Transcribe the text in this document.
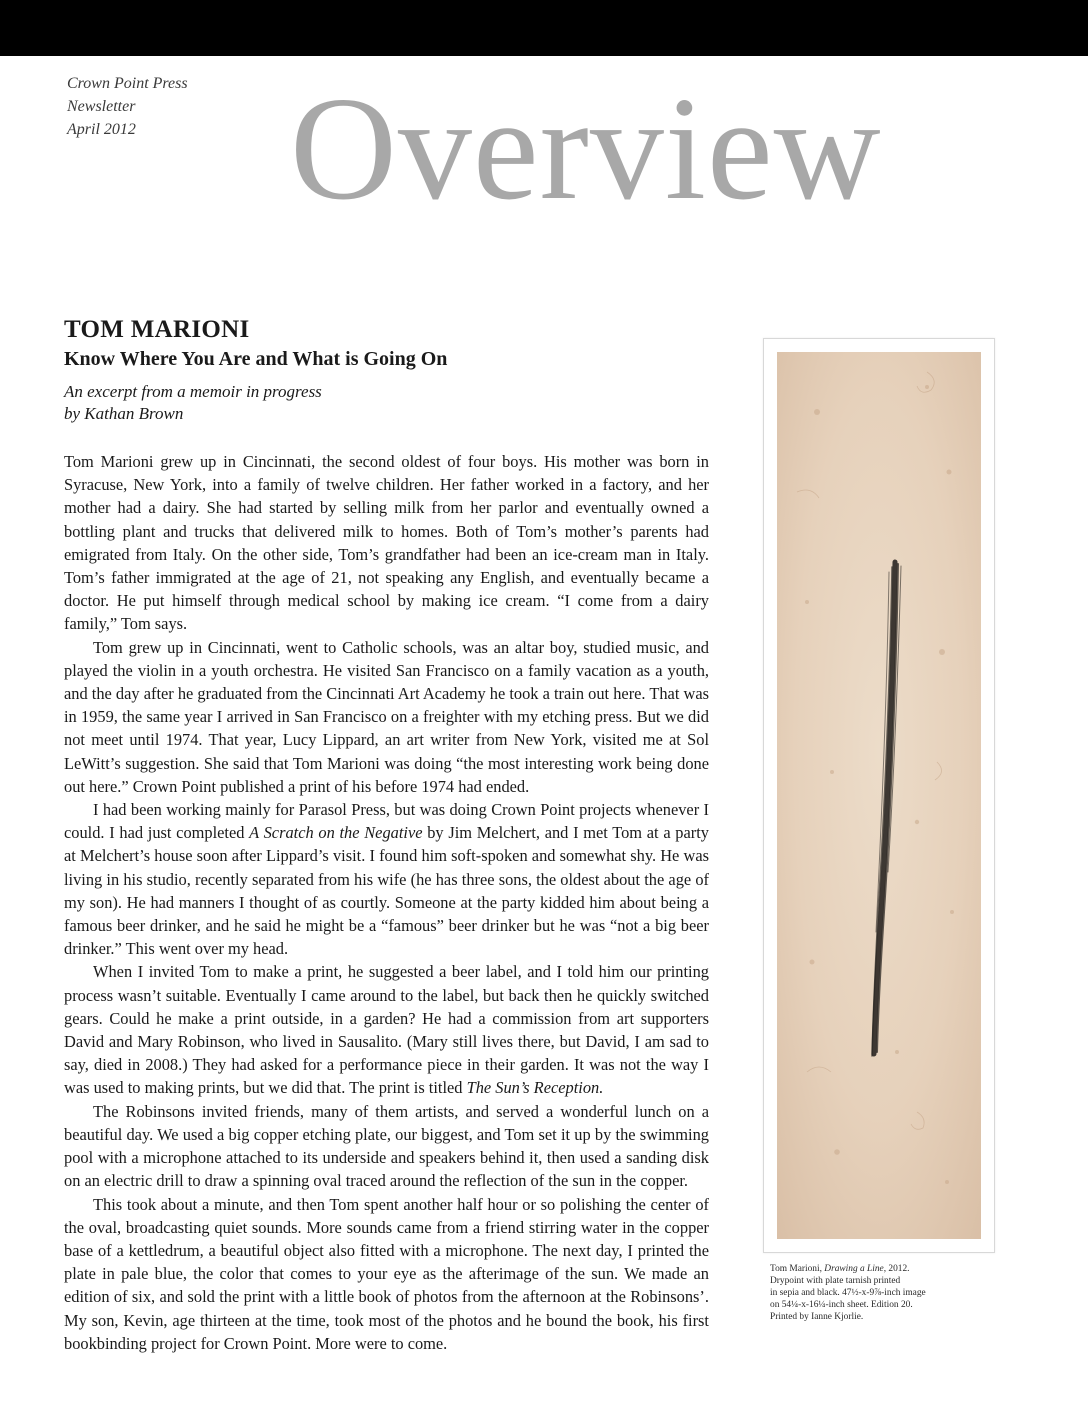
Crown Point Press
Newsletter
April 2012	Overview
TOM MARIONI
Know Where You Are and What is Going On
An excerpt from a memoir in progress
by Kathan Brown

Tom Marioni grew up in Cincinnati, the second oldest of four boys. His mother was born in Syracuse, New York, into a family of twelve children. Her father worked in a factory, and her mother had a dairy. She had started by selling milk from her parlor and eventually owned a bottling plant and trucks that delivered milk to homes. Both of Tom’s mother’s parents had emigrated from Italy. On the other side, Tom’s grandfather had been an ice-cream man in Italy. Tom’s father immigrated at the age of 21, not speaking any English, and eventually became a doctor. He put himself through medical school by making ice cream. “I come from a dairy family,” Tom says.

Tom grew up in Cincinnati, went to Catholic schools, was an altar boy, studied music, and played the violin in a youth orchestra. He visited San Francisco on a family vacation as a youth, and the day after he graduated from the Cincinnati Art Academy he took a train out here. That was in 1959, the same year I arrived in San Francisco on a freighter with my etching press. But we did not meet until 1974. That year, Lucy Lippard, an art writer from New York, visited me at Sol LeWitt’s suggestion. She said that Tom Marioni was doing “the most interesting work being done out here.” Crown Point published a print of his before 1974 had ended.

I had been working mainly for Parasol Press, but was doing Crown Point projects whenever I could. I had just completed A Scratch on the Negative by Jim Melchert, and I met Tom at a party at Melchert’s house soon after Lippard’s visit. I found him soft-spoken and somewhat shy. He was living in his studio, recently separated from his wife (he has three sons, the oldest about the age of my son). He had manners I thought of as courtly. Someone at the party kidded him about being a famous beer drinker, and he said he might be a “famous” beer drinker but he was “not a big beer drinker.” This went over my head.

When I invited Tom to make a print, he suggested a beer label, and I told him our printing process wasn’t suitable. Eventually I came around to the label, but back then he quickly switched gears. Could he make a print outside, in a garden? He had a commission from art supporters David and Mary Robinson, who lived in Sausalito. (Mary still lives there, but David, I am sad to say, died in 2008.) They had asked for a performance piece in their garden. It was not the way I was used to making prints, but we did that. The print is titled The Sun’s Reception.

The Robinsons invited friends, many of them artists, and served a wonderful lunch on a beautiful day. We used a big copper etching plate, our biggest, and Tom set it up by the swimming pool with a microphone attached to its underside and speakers behind it, then used a sanding disk on an electric drill to draw a spinning oval traced around the reflection of the sun in the copper.

This took about a minute, and then Tom spent another half hour or so polishing the center of the oval, broadcasting quiet sounds. More sounds came from a friend stirring water in the copper base of a kettledrum, a beautiful object also fitted with a microphone. The next day, I printed the plate in pale blue, the color that comes to your eye as the afterimage of the sun. We made an edition of six, and sold the print with a little book of photos from the afternoon at the Robinsons’. My son, Kevin, age thirteen at the time, took most of the photos and he bound the book, his first bookbinding project for Crown Point. More were to come.

Tom Marioni, Drawing a Line, 2012.
Drypoint with plate tarnish printed
in sepia and black. 47½-x-9⅞-inch image
on 54¼-x-16¼-inch sheet. Edition 20.
Printed by Ianne Kjorlie.
